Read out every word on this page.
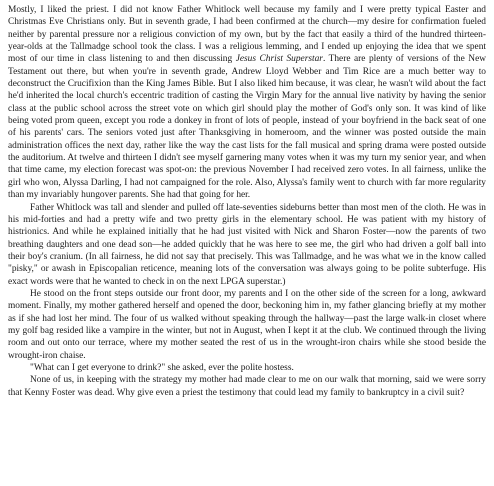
Mostly, I liked the priest. I did not know Father Whitlock well because my family and I were pretty typical Easter and Christmas Eve Christians only. But in seventh grade, I had been confirmed at the church—my desire for confirmation fueled neither by parental pressure nor a religious conviction of my own, but by the fact that easily a third of the hundred thirteen-year-olds at the Tallmadge school took the class. I was a religious lemming, and I ended up enjoying the idea that we spent most of our time in class listening to and then discussing Jesus Christ Superstar. There are plenty of versions of the New Testament out there, but when you're in seventh grade, Andrew Lloyd Webber and Tim Rice are a much better way to deconstruct the Crucifixion than the King James Bible. But I also liked him because, it was clear, he wasn't wild about the fact he'd inherited the local church's eccentric tradition of casting the Virgin Mary for the annual live nativity by having the senior class at the public school across the street vote on which girl should play the mother of God's only son. It was kind of like being voted prom queen, except you rode a donkey in front of lots of people, instead of your boyfriend in the back seat of one of his parents' cars. The seniors voted just after Thanksgiving in homeroom, and the winner was posted outside the main administration offices the next day, rather like the way the cast lists for the fall musical and spring drama were posted outside the auditorium. At twelve and thirteen I didn't see myself garnering many votes when it was my turn my senior year, and when that time came, my election forecast was spot-on: the previous November I had received zero votes. In all fairness, unlike the girl who won, Alyssa Darling, I had not campaigned for the role. Also, Alyssa's family went to church with far more regularity than my invariably hungover parents. She had that going for her.

Father Whitlock was tall and slender and pulled off late-seventies sideburns better than most men of the cloth. He was in his mid-forties and had a pretty wife and two pretty girls in the elementary school. He was patient with my history of histrionics. And while he explained initially that he had just visited with Nick and Sharon Foster—now the parents of two breathing daughters and one dead son—he added quickly that he was here to see me, the girl who had driven a golf ball into their boy's cranium. (In all fairness, he did not say that precisely. This was Tallmadge, and he was what we in the know called "pisky," or awash in Episcopalian reticence, meaning lots of the conversation was always going to be polite subterfuge. His exact words were that he wanted to check in on the next LPGA superstar.)

He stood on the front steps outside our front door, my parents and I on the other side of the screen for a long, awkward moment. Finally, my mother gathered herself and opened the door, beckoning him in, my father glancing briefly at my mother as if she had lost her mind. The four of us walked without speaking through the hallway—past the large walk-in closet where my golf bag resided like a vampire in the winter, but not in August, when I kept it at the club. We continued through the living room and out onto our terrace, where my mother seated the rest of us in the wrought-iron chairs while she stood beside the wrought-iron chaise.

"What can I get everyone to drink?" she asked, ever the polite hostess.

None of us, in keeping with the strategy my mother had made clear to me on our walk that morning, said we were sorry that Kenny Foster was dead. Why give even a priest the testimony that could lead my family to bankruptcy in a civil suit?
